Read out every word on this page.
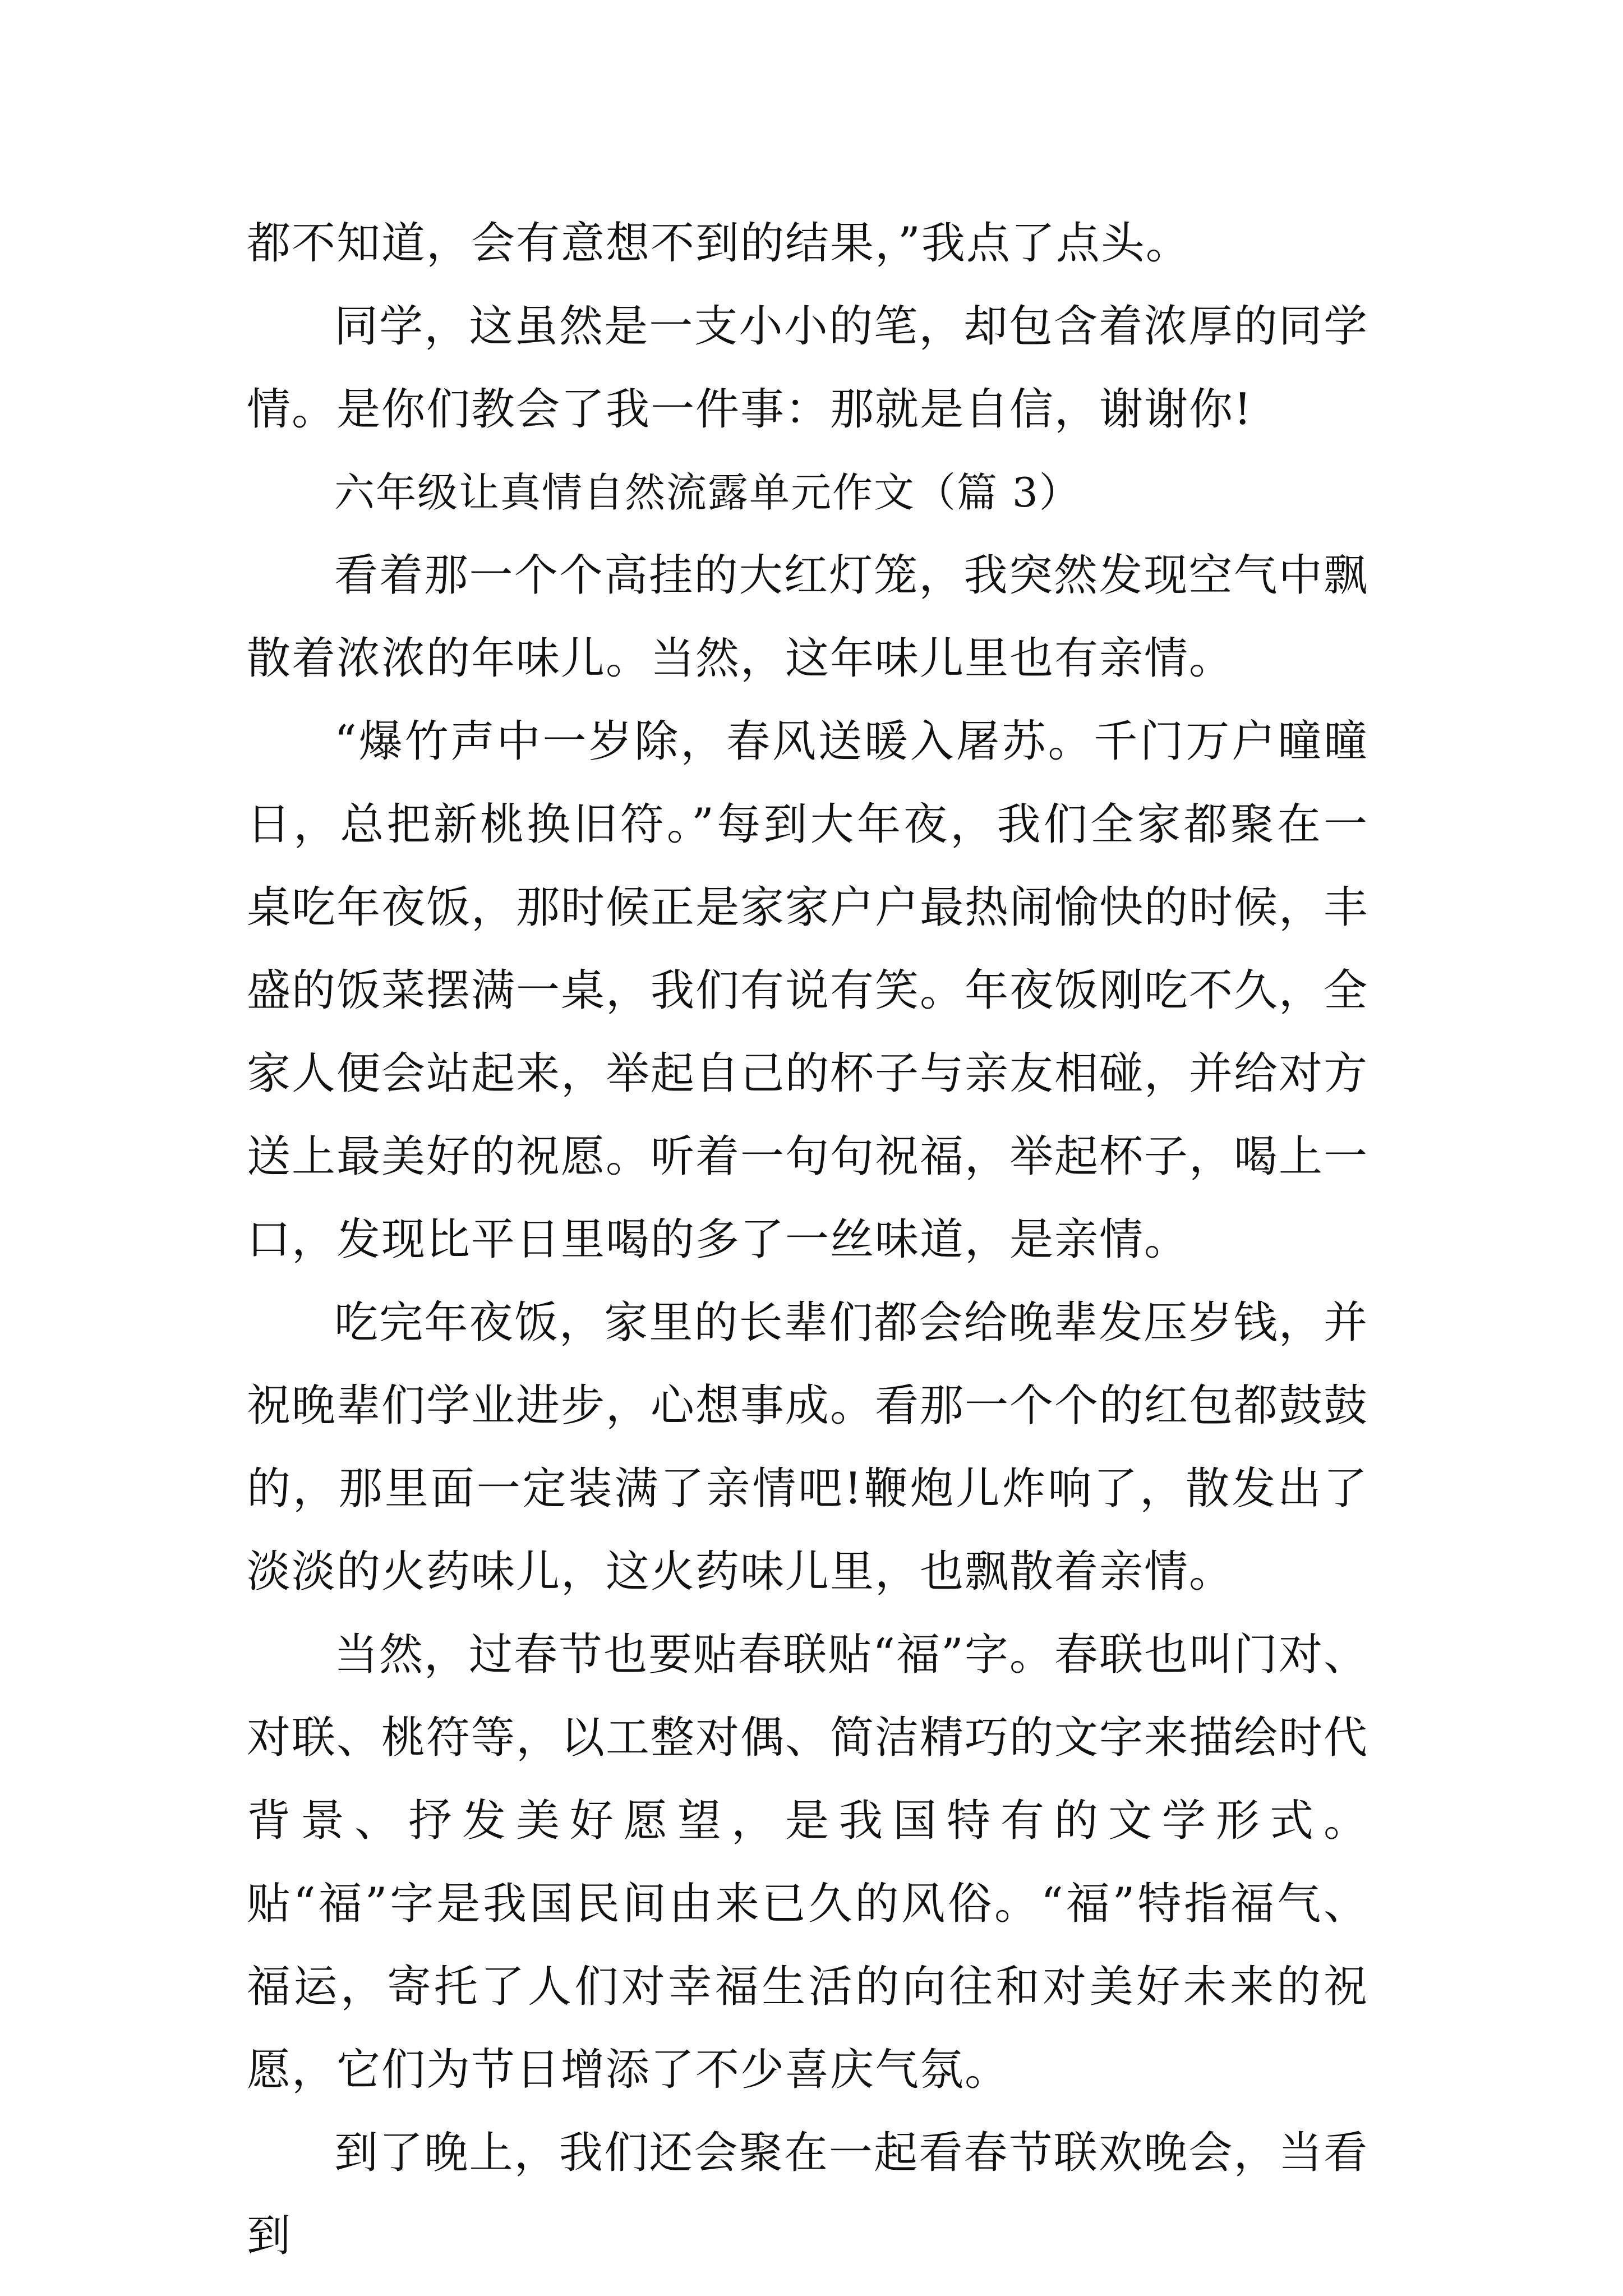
都不知道，会有意想不到的结果，”我点了点头。

同学，这虽然是一支小小的笔，却包含着浓厚的同学情。是你们教会了我一件事：那就是自信，谢谢你!

六年级让真情自然流露单元作文（篇 3）

看着那一个个高挂的大红灯笼，我突然发现空气中飘散着浓浓的年味儿。当然，这年味儿里也有亲情。

“爆竹声中一岁除，春风送暖入屠苏。千门万户曈曈日，总把新桃换旧符。”每到大年夜，我们全家都聚在一桌吃年夜饭，那时候正是家家户户最热闹愉快的时候，丰盛的饭菜摆满一桌，我们有说有笑。年夜饭刚吃不久，全家人便会站起来，举起自己的杯子与亲友相碰，并给对方送上最美好的祝愿。听着一句句祝福，举起杯子，喝上一口，发现比平日里喝的多了一丝味道，是亲情。

吃完年夜饭，家里的长辈们都会给晚辈发压岁钱，并祝晚辈们学业进步，心想事成。看那一个个的红包都鼓鼓的，那里面一定装满了亲情吧!鞭炮儿炸响了，散发出了淡淡的火药味儿，这火药味儿里，也飘散着亲情。

当然，过春节也要贴春联贴“福”字。春联也叫门对、对联、桃符等，以工整对偶、简洁精巧的文字来描绘时代背景、抒发美好愿望，是我国特有的文学形式。贴“福”字是我国民间由来已久的风俗。“福”特指福气、福运，寄托了人们对幸福生活的向往和对美好未来的祝愿，它们为节日增添了不少喜庆气氛。

到了晚上，我们还会聚在一起看春节联欢晚会，当看到
